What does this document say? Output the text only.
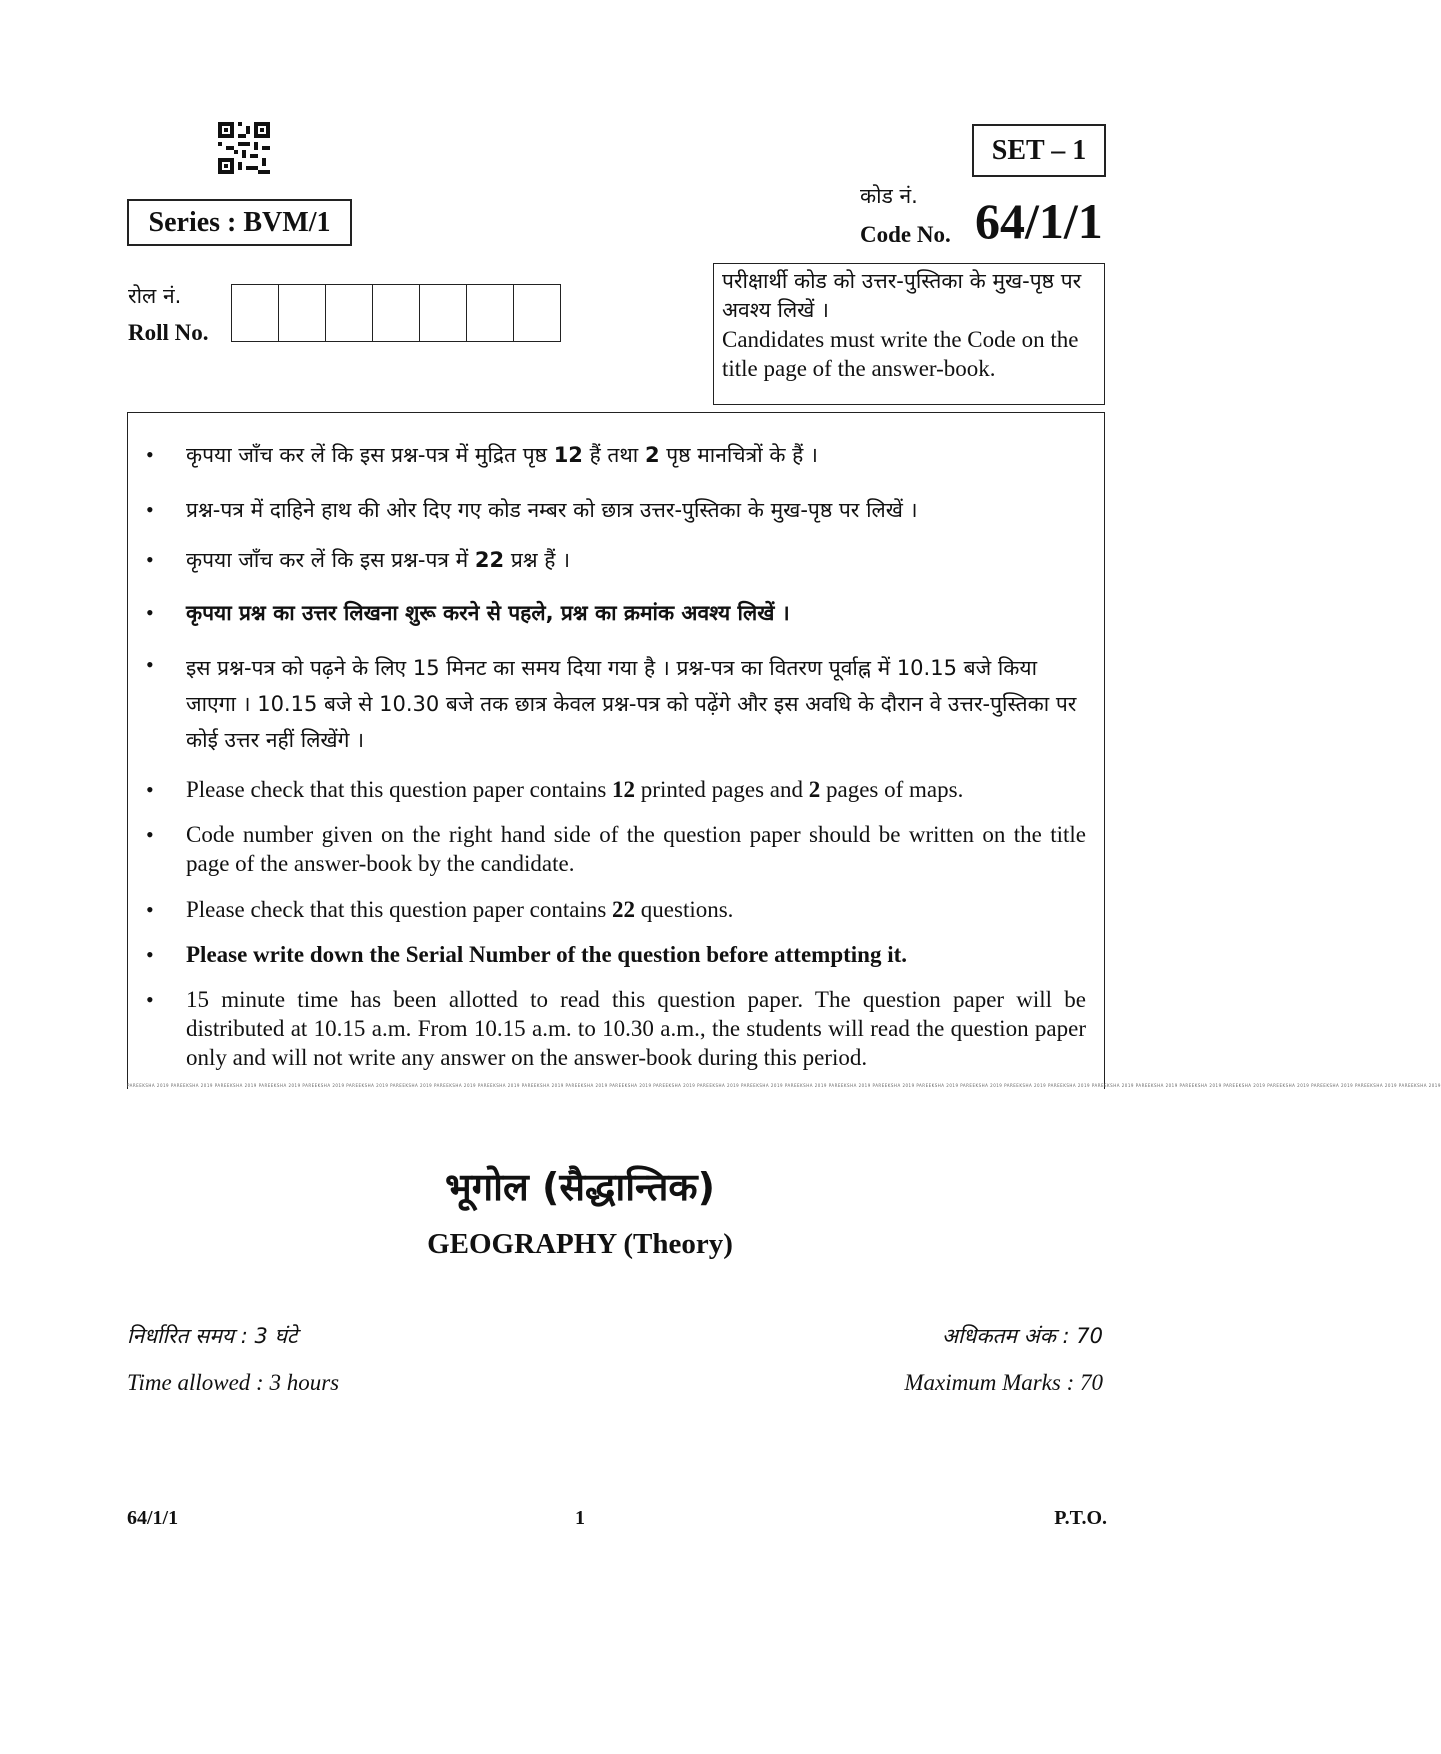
SET – 1
कोड नं.
Code No. 64/1/1
Series : BVM/1
रोल नं.
Roll No.
परीक्षार्थी कोड को उत्तर-पुस्तिका के मुख-पृष्ठ पर अवश्य लिखें ।
Candidates must write the Code on the title page of the answer-book.
• कृपया जाँच कर लें कि इस प्रश्न-पत्र में मुद्रित पृष्ठ 12 हैं तथा 2 पृष्ठ मानचित्रों के हैं ।
• प्रश्न-पत्र में दाहिने हाथ की ओर दिए गए कोड नम्बर को छात्र उत्तर-पुस्तिका के मुख-पृष्ठ पर लिखें ।
• कृपया जाँच कर लें कि इस प्रश्न-पत्र में 22 प्रश्न हैं ।
• कृपया प्रश्न का उत्तर लिखना शुरू करने से पहले, प्रश्न का क्रमांक अवश्य लिखें ।
• इस प्रश्न-पत्र को पढ़ने के लिए 15 मिनट का समय दिया गया है । प्रश्न-पत्र का वितरण पूर्वाह्न में 10.15 बजे किया जाएगा । 10.15 बजे से 10.30 बजे तक छात्र केवल प्रश्न-पत्र को पढ़ेंगे और इस अवधि के दौरान वे उत्तर-पुस्तिका पर कोई उत्तर नहीं लिखेंगे ।
• Please check that this question paper contains 12 printed pages and 2 pages of maps.
• Code number given on the right hand side of the question paper should be written on the title page of the answer-book by the candidate.
• Please check that this question paper contains 22 questions.
• Please write down the Serial Number of the question before attempting it.
• 15 minute time has been allotted to read this question paper. The question paper will be distributed at 10.15 a.m. From 10.15 a.m. to 10.30 a.m., the students will read the question paper only and will not write any answer on the answer-book during this period.
PAREEKSHA 2019 PAREEKSHA 2019 PAREEKSHA 2019 PAREEKSHA 2019 PAREEKSHA 2019 PAREEKSHA 2019 PAREEKSHA 2019 PAREEKSHA 2019 PAREEKSHA 2019 PAREEKSHA 2019 PAREEKSHA 2019 PAREEKSHA 2019 PAREEKSHA 2019 PAREEKSHA 2019 PAREEKSHA 2019 PAREEKSHA 2019 PAREEKSHA 2019 PAREEKSHA 2019 PAREEKSHA 2019 PAREEKSHA 2019 PAREEKSHA 2019 PAREEKSHA 2019 PAREEKSHA 2019 PAREEKSHA 2019 PAREEKSHA 2019 PAREEKSHA 2019 PAREEKSHA 2019 PAREEKSHA 2019 PAREEKSHA 2019 PAREEKSHA 2019
भूगोल (सैद्धान्तिक)
GEOGRAPHY (Theory)
निर्धारित समय : 3 घंटे
Time allowed : 3 hours
अधिकतम अंक : 70
Maximum Marks : 70
64/1/1	1	P.T.O.
